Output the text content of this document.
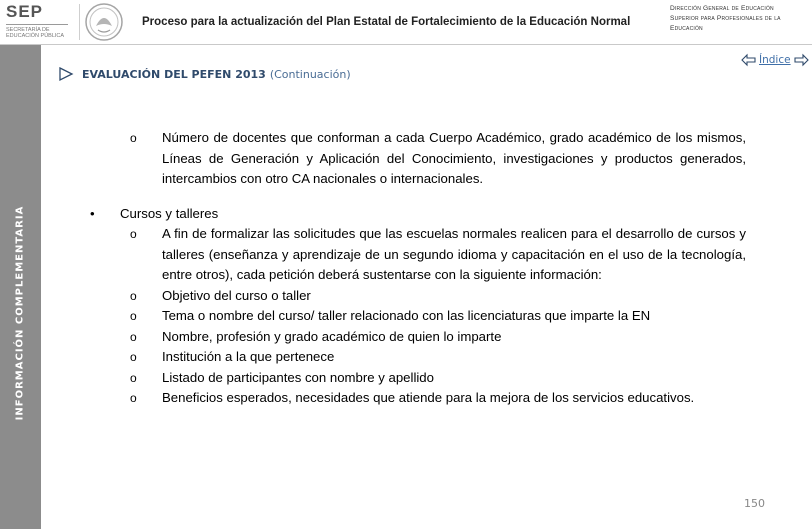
SEP
SECRETARÍA DE EDUCACIÓN PÚBLICA
Proceso para la actualización del Plan Estatal de Fortalecimiento de la Educación Normal
Dirección General de Educación Superior para Profesionales de la Educación
INFORMACIÓN COMPLEMENTARIA
EVALUACIÓN DEL PEFEN 2013 (Continuación)
Índice
o	Número de docentes que conforman a cada Cuerpo Académico, grado académico de los mismos, Líneas de Generación y Aplicación del Conocimiento, investigaciones y productos generados, intercambios con otro CA nacionales o internacionales.
•	Cursos y talleres
o	A fin de formalizar las solicitudes que las escuelas normales realicen para el desarrollo de cursos y talleres (enseñanza y aprendizaje de un segundo idioma y capacitación en el uso de la tecnología, entre otros), cada petición deberá sustentarse con la siguiente información:
o	Objetivo del curso o taller
o	Tema o nombre del curso/ taller relacionado con las licenciaturas que imparte la EN
o	Nombre, profesión y grado académico de quien lo imparte
o	Institución a la que pertenece
o	Listado de participantes con nombre y apellido
o	Beneficios esperados, necesidades que atiende para la mejora de los servicios educativos.
150
